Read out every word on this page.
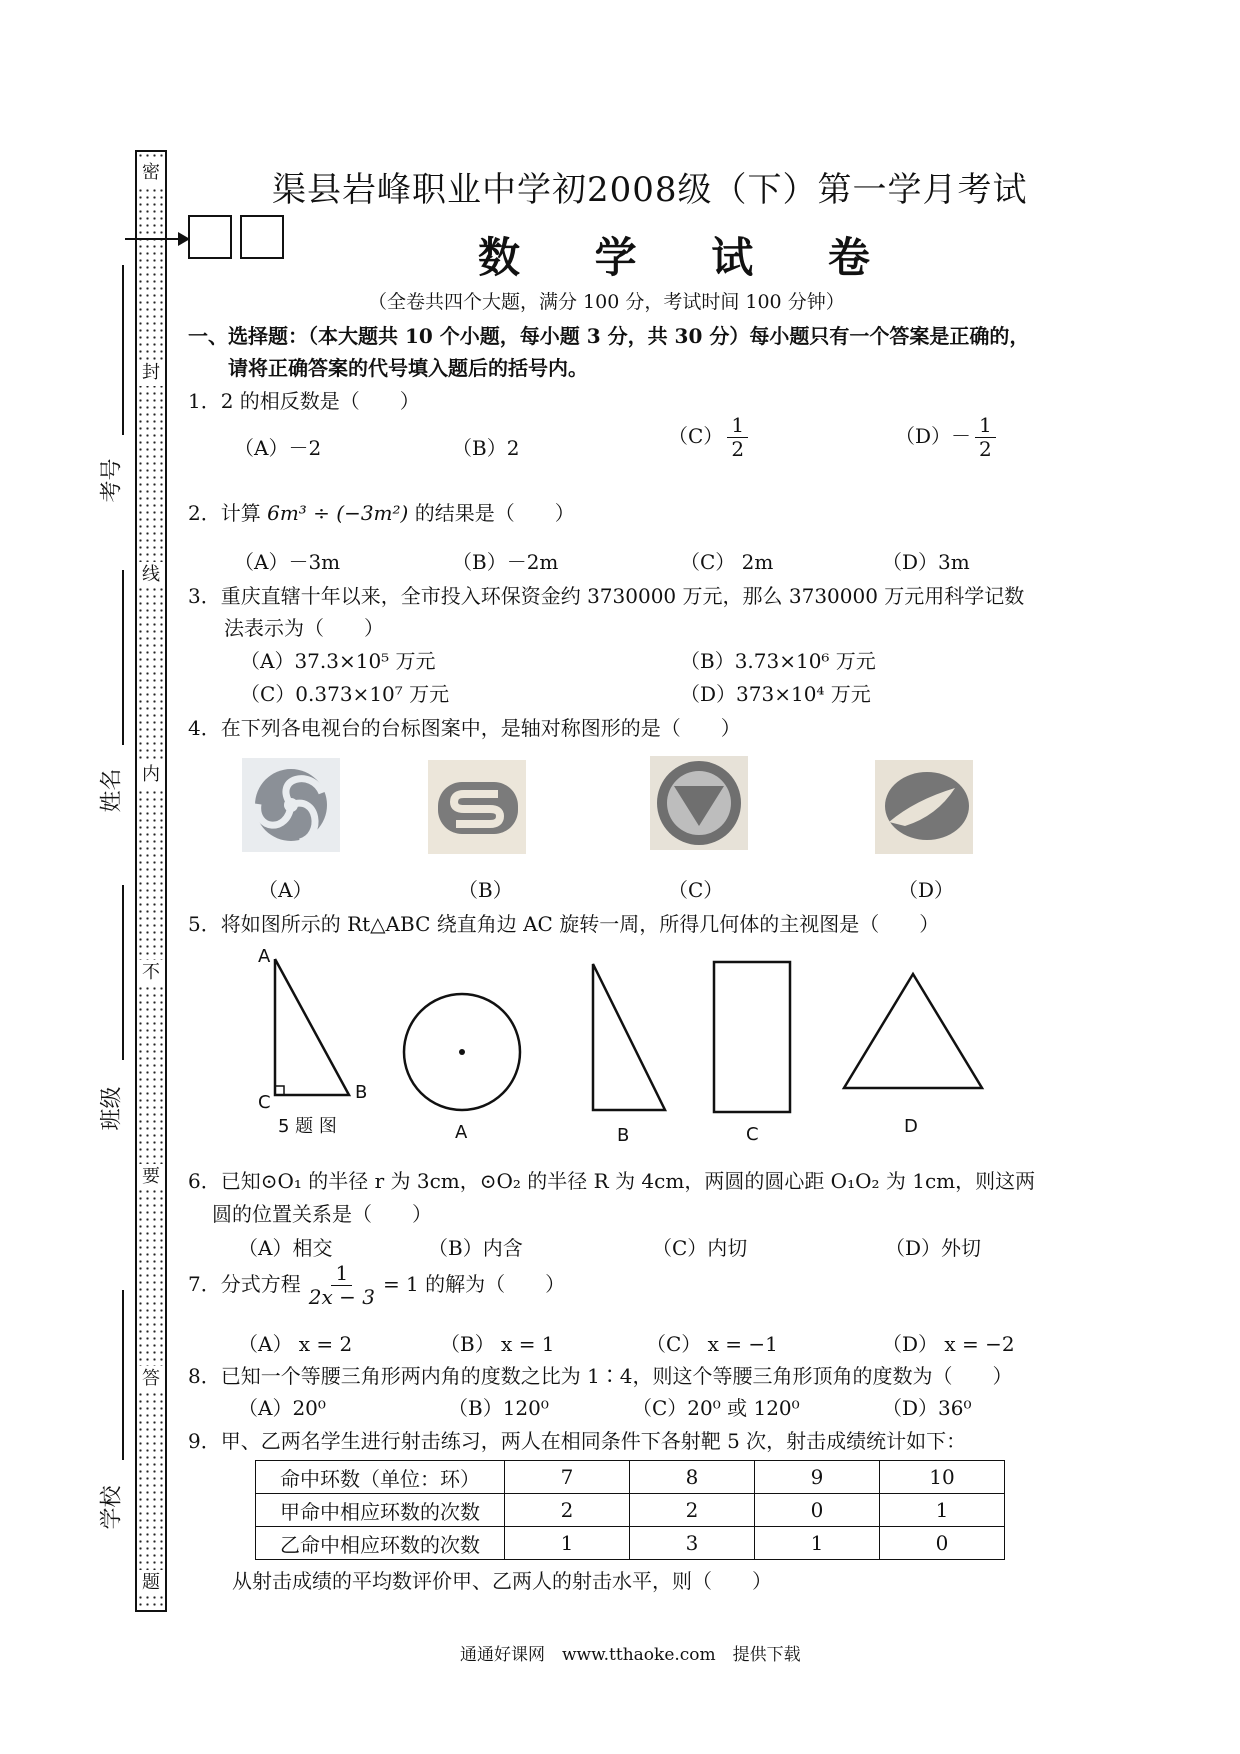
密
封
线
内
不
要
答
题
考号
姓名
班级
学校
渠县岩峰职业中学初2008级（下）第一学月考试
数 学 试 卷
（全卷共四个大题，满分 100 分，考试时间 100 分钟）
一、选择题：（本大题共 10 个小题，每小题 3 分，共 30 分）每小题只有一个答案是正确的，
请将正确答案的代号填入题后的括号内。
1．2 的相反数是（　　）
（A）－2	（B）2	$(C) \frac{1}{2}$	$(D)- \frac{1}{2}$
2．计算 6m³ ÷ (−3m²) 的结果是（　　）
（A）－3m	（B）－2m	（C） 2m	（D）3m
3．重庆直辖十年以来，全市投入环保资金约 3730000 万元，那么 3730000 万元用科学记数
法表示为（　　）
（A）37.3×10⁵ 万元	（B）3.73×10⁶ 万元
（C）0.373×10⁷ 万元	（D）373×10⁴ 万元
4．在下列各电视台的台标图案中，是轴对称图形的是（　　）
（A）	（B）	（C）	（D）
5．将如图所示的 Rt△ABC 绕直角边 AC 旋转一周，所得几何体的主视图是（　　）
A
C	B
5 题 图	A	B	C	D
6．已知⊙O₁ 的半径 r 为 3cm，⊙O₂ 的半径 R 为 4cm，两圆的圆心距 O₁O₂ 为 1cm，则这两
圆的位置关系是（　　）
（A）相交	（B）内含	（C）内切	（D）外切
7．分式方程 $\frac{1}{2x - 3} = 1$ 的解为（　　）
（A） x = 2	（B） x = 1	（C） x = −1	（D） x = −2
8．已知一个等腰三角形两内角的度数之比为 1∶4，则这个等腰三角形顶角的度数为（　　）
（A）20⁰	（B）120⁰	（C）20⁰ 或 120⁰	（D）36⁰
9．甲、乙两名学生进行射击练习，两人在相同条件下各射靶 5 次，射击成绩统计如下：
命中环数（单位：环）	7	8	9	10
甲命中相应环数的次数	2	2	0	1
乙命中相应环数的次数	1	3	1	0
从射击成绩的平均数评价甲、乙两人的射击水平，则（　　）
通通好课网　www.tthaoke.com　提供下载
